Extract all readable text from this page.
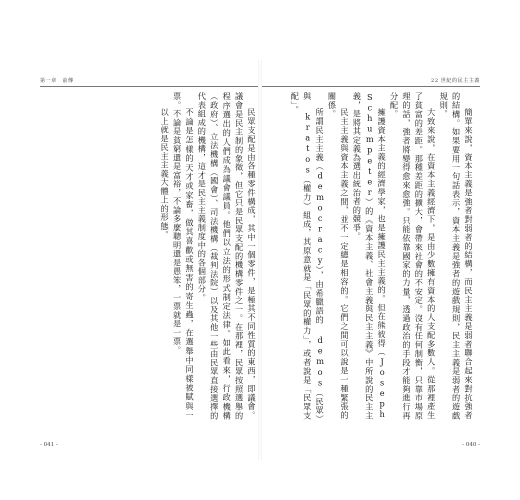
第一章　前傳	22 世紀的民主主義

民眾支配是由各種零件構成，其中一個零件，是極其不同性質的東西，即議會。議會是民主制的象徵，但它只是民眾支配的機構零件之一。在那裡，民眾按照選舉的程序選出的人們成為議會議員。他們以立法的形式制定法律。如此看來，行政機構（政府）、立法機構（國會）、司法機構（裁判法院）以及其他一些由民眾直接選擇的代表組成的機構，這才是民主主義制度中的各個部分。

不論是怎樣的天才或家畜，做其喜歡或無害的寄生蟲，在選舉中同樣被賦與一票。不論是貧窮還是富裕，不論多麼聰明還是愚笨，一票就是一票。

以上就是民主主義大體上的形態。	簡單來說，資本主義是強者對弱者的結構，而民主主義是弱者聯合起來對抗強者的結構。如果要用一句話表示，資本主義是強者的遊戲規則，民主主義是弱者的遊戲規則。

大致來說，在資本主義經濟下，是由少數擁有資本的人支配多數人。從那裡產生了貧富的差距。那種差距的擴大，會帶來社會的不安定。沒有任何制衡，只靠市場原理的話，強者將變得愈來愈強。只能依靠國家的力量，透過政治的手段才能夠進行再分配。

擁護資本主義的經濟學家，也是擁護民主主義的。但在熊彼得（Joseph Schumpeter）的《資本主義、社會主義與民主主義》中所說的民主主義，是將其定義為選出統治者的競爭。

民主主義與資本主義之間，並不一定總是相容的。它們之間可以說是一種緊張的關係。

所謂民主主義（democracy），由希臘語的 demos（民眾）與 kratos（權力）組成，其原意就是「民眾的權力」，或者說是「民眾支配」。

- 041 -	- 040 -
